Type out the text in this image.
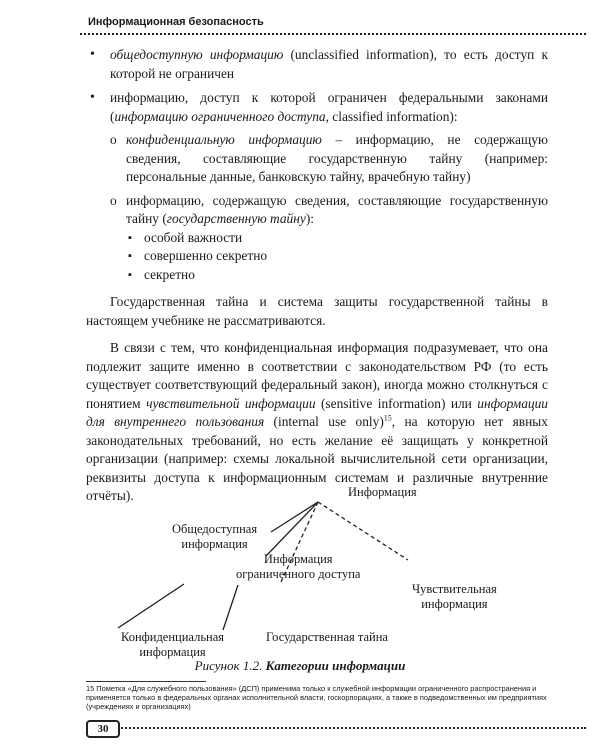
Информационная безопасность
• общедоступную информацию (unclassified information), то есть доступ к которой не ограничен
• информацию, доступ к которой ограничен федеральными законами (информацию ограниченного доступа, classified information):
o конфиденциальную информацию – информацию, не содержащую сведения, составляющие государственную тайну (например: персональные данные, банковскую тайну, врачебную тайну)
o информацию, содержащую сведения, составляющие государственную тайну (государственную тайну):
▪ особой важности
▪ совершенно секретно
▪ секретно

Государственная тайна и система защиты государственной тайны в настоящем учебнике не рассматриваются.

В связи с тем, что конфиденциальная информация подразумевает, что она подлежит защите именно в соответствии с законодательством РФ (то есть существует соответствующий федеральный закон), иногда можно столкнуться с понятием чувствительной информации (sensitive information) или информации для внутреннего пользования (internal use only)$^{15}$, на которую нет явных законодательных требований, но есть желание её защищать у конкретной организации (например: схемы локальной вычислительной сети организации, реквизиты доступа к информационным системам и различные внутренние отчёты).	Информация
Общедоступная
информация
Информация
ограниченного доступа
Чувствительная
информация
Конфиденциальная
информация
Государственная тайна
Рисунок 1.2. Категории информации
15 Пометка «Для служебного пользования» (ДСП) применима только к служебной информации ограниченного распространения и применяется только в федеральных органах исполнительной власти, госкорпорациях, а также в подведомственных им предприятиях (учреждениях и организациях)
30
